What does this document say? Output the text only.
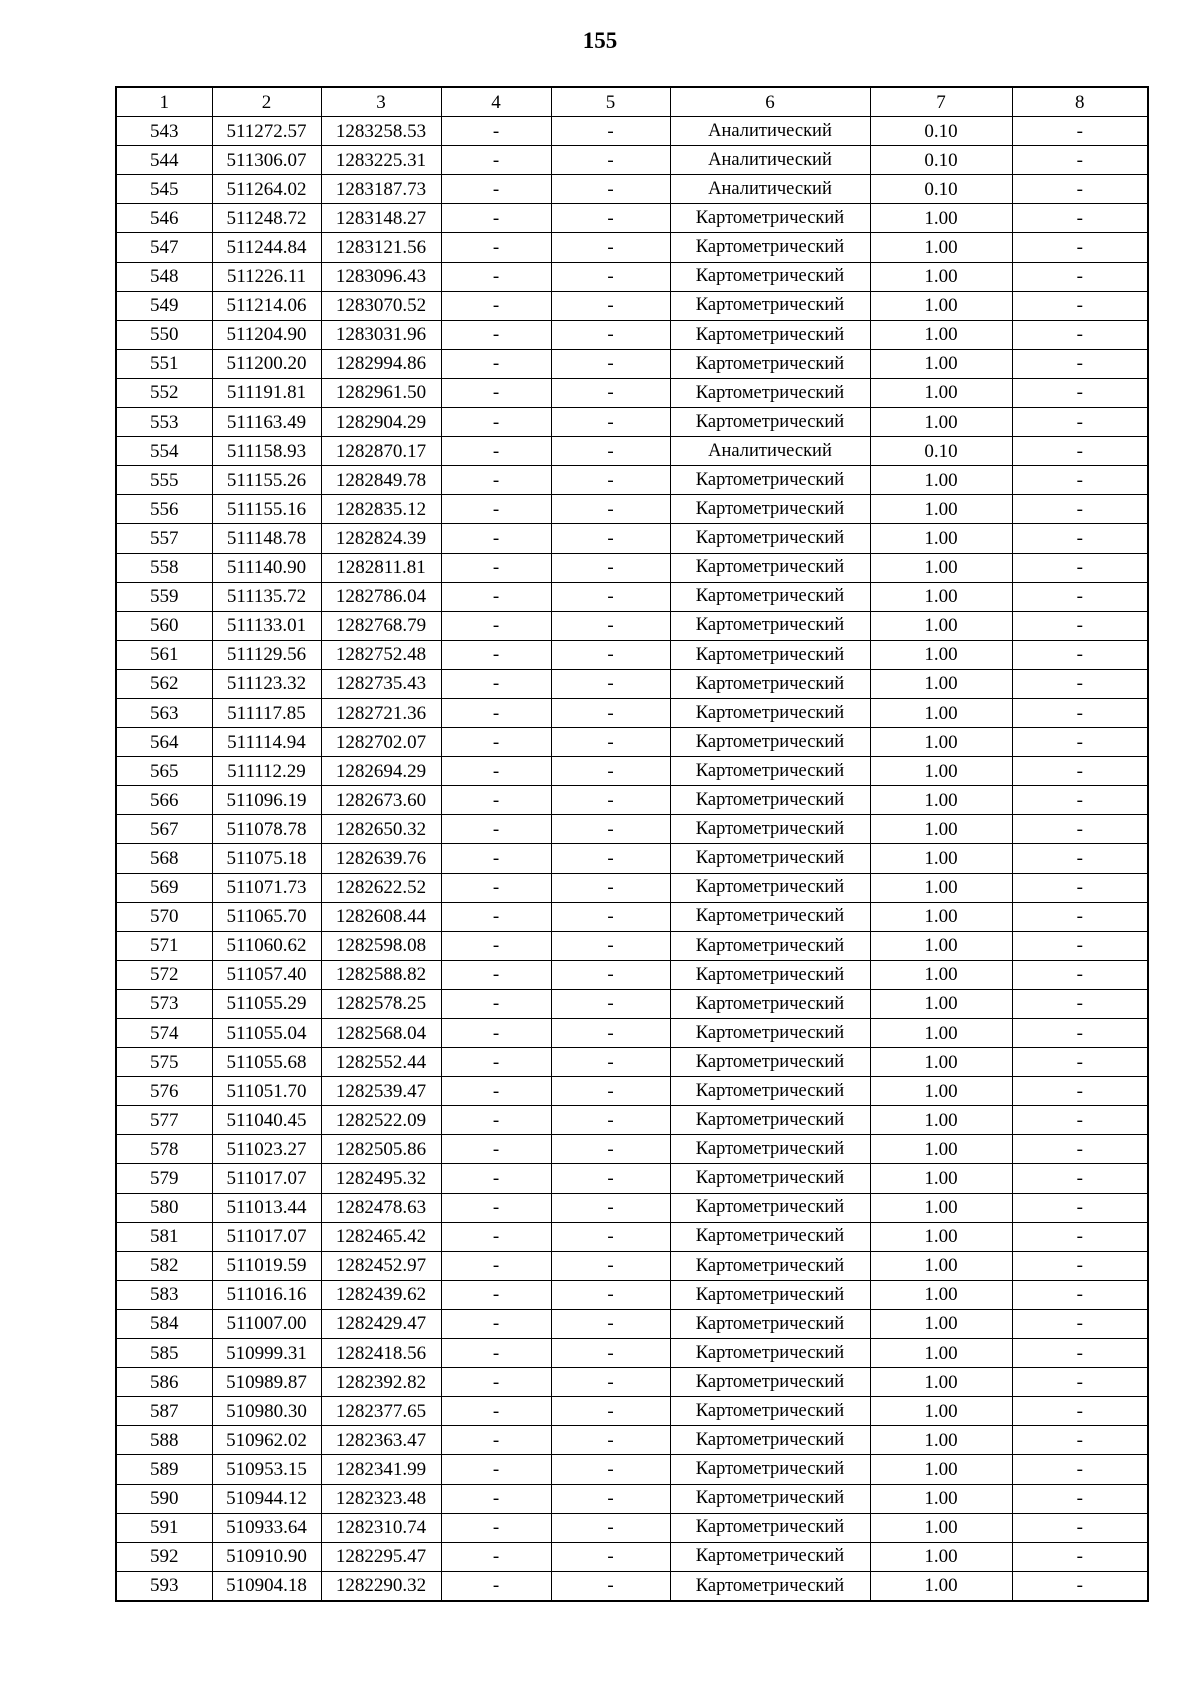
155
1	2	3	4	5	6	7	8
543	511272.57	1283258.53	-	-	Аналитический	0.10	-
544	511306.07	1283225.31	-	-	Аналитический	0.10	-
545	511264.02	1283187.73	-	-	Аналитический	0.10	-
546	511248.72	1283148.27	-	-	Картометрический	1.00	-
547	511244.84	1283121.56	-	-	Картометрический	1.00	-
548	511226.11	1283096.43	-	-	Картометрический	1.00	-
549	511214.06	1283070.52	-	-	Картометрический	1.00	-
550	511204.90	1283031.96	-	-	Картометрический	1.00	-
551	511200.20	1282994.86	-	-	Картометрический	1.00	-
552	511191.81	1282961.50	-	-	Картометрический	1.00	-
553	511163.49	1282904.29	-	-	Картометрический	1.00	-
554	511158.93	1282870.17	-	-	Аналитический	0.10	-
555	511155.26	1282849.78	-	-	Картометрический	1.00	-
556	511155.16	1282835.12	-	-	Картометрический	1.00	-
557	511148.78	1282824.39	-	-	Картометрический	1.00	-
558	511140.90	1282811.81	-	-	Картометрический	1.00	-
559	511135.72	1282786.04	-	-	Картометрический	1.00	-
560	511133.01	1282768.79	-	-	Картометрический	1.00	-
561	511129.56	1282752.48	-	-	Картометрический	1.00	-
562	511123.32	1282735.43	-	-	Картометрический	1.00	-
563	511117.85	1282721.36	-	-	Картометрический	1.00	-
564	511114.94	1282702.07	-	-	Картометрический	1.00	-
565	511112.29	1282694.29	-	-	Картометрический	1.00	-
566	511096.19	1282673.60	-	-	Картометрический	1.00	-
567	511078.78	1282650.32	-	-	Картометрический	1.00	-
568	511075.18	1282639.76	-	-	Картометрический	1.00	-
569	511071.73	1282622.52	-	-	Картометрический	1.00	-
570	511065.70	1282608.44	-	-	Картометрический	1.00	-
571	511060.62	1282598.08	-	-	Картометрический	1.00	-
572	511057.40	1282588.82	-	-	Картометрический	1.00	-
573	511055.29	1282578.25	-	-	Картометрический	1.00	-
574	511055.04	1282568.04	-	-	Картометрический	1.00	-
575	511055.68	1282552.44	-	-	Картометрический	1.00	-
576	511051.70	1282539.47	-	-	Картометрический	1.00	-
577	511040.45	1282522.09	-	-	Картометрический	1.00	-
578	511023.27	1282505.86	-	-	Картометрический	1.00	-
579	511017.07	1282495.32	-	-	Картометрический	1.00	-
580	511013.44	1282478.63	-	-	Картометрический	1.00	-
581	511017.07	1282465.42	-	-	Картометрический	1.00	-
582	511019.59	1282452.97	-	-	Картометрический	1.00	-
583	511016.16	1282439.62	-	-	Картометрический	1.00	-
584	511007.00	1282429.47	-	-	Картометрический	1.00	-
585	510999.31	1282418.56	-	-	Картометрический	1.00	-
586	510989.87	1282392.82	-	-	Картометрический	1.00	-
587	510980.30	1282377.65	-	-	Картометрический	1.00	-
588	510962.02	1282363.47	-	-	Картометрический	1.00	-
589	510953.15	1282341.99	-	-	Картометрический	1.00	-
590	510944.12	1282323.48	-	-	Картометрический	1.00	-
591	510933.64	1282310.74	-	-	Картометрический	1.00	-
592	510910.90	1282295.47	-	-	Картометрический	1.00	-
593	510904.18	1282290.32	-	-	Картометрический	1.00	-
